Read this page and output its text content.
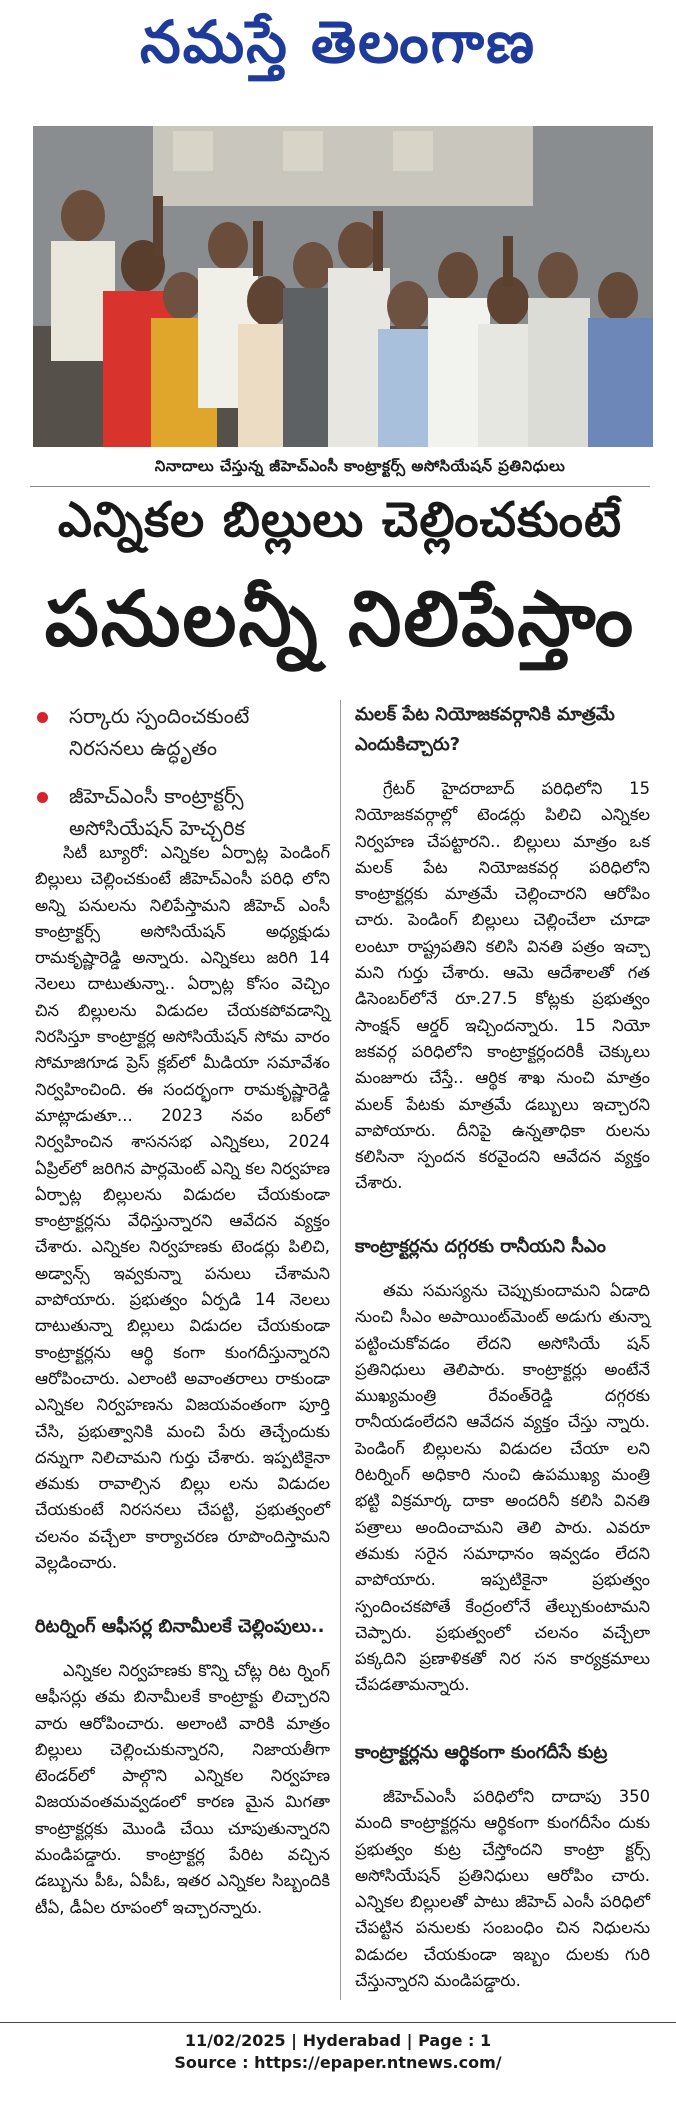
నమస్తే తెలంగాణ
నినాదాలు చేస్తున్న జీహెచ్ఎంసీ కాంట్రాక్టర్స్ అసోసియేషన్ ప్రతినిధులు
ఎన్నికల బిల్లులు చెల్లించకుంటే
పనులన్నీ నిలిపేస్తాం
సర్కారు స్పందించకుంటే నిరసనలు ఉద్ధృతం
జీహెచ్ఎంసీ కాంట్రాక్టర్స్ అసోసియేషన్ హెచ్చరిక

సిటీ బ్యూరో: ఎన్నికల ఏర్పాట్ల పెండింగ్ బిల్లులు చెల్లించకుంటే జీహెచ్ఎంసీ పరిధి లోని అన్ని పనులను నిలిపేస్తామని జీహెచ్ ఎంసీ కాంట్రాక్టర్స్ అసోసియేషన్ అధ్యక్షుడు రామకృష్ణారెడ్డి అన్నారు. ఎన్నికలు జరిగి 14 నెలలు దాటుతున్నా.. ఏర్పాట్ల కోసం వెచ్చిం చిన బిల్లులను విడుదల చేయకపోవడాన్ని నిరసిస్తూ కాంట్రాక్టర్ల అసోసియేషన్ సోమ వారం సోమాజిగూడ ప్రెస్ క్లబ్‌లో మీడియా సమావేశం నిర్వహించింది. ఈ సందర్భంగా రామకృష్ణారెడ్డి మాట్లాడుతూ... 2023 నవం బర్‌లో నిర్వహించిన శాసనసభ ఎన్నికలు, 2024 ఏప్రిల్‌లో జరిగిన పార్లమెంట్ ఎన్ని కల నిర్వహణ ఏర్పాట్ల బిల్లులను విడుదల చేయకుండా కాంట్రాక్టర్లను వేధిస్తున్నారని ఆవేదన వ్యక్తం చేశారు. ఎన్నికల నిర్వహణకు టెండర్లు పిలిచి, అడ్వాన్స్ ఇవ్వకున్నా పనులు చేశామని వాపోయారు. ప్రభుత్వం ఏర్పడి 14 నెలలు దాటుతున్నా బిల్లులు విడుదల చేయకుండా కాంట్రాక్టర్లను ఆర్థి కంగా కుంగదీస్తున్నారని ఆరోపించారు. ఎలాంటి అవాంతరాలు రాకుండా ఎన్నికల నిర్వహణను విజయవంతంగా పూర్తి చేసి, ప్రభుత్వానికి మంచి పేరు తెచ్చేందుకు దన్నుగా నిలిచామని గుర్తు చేశారు. ఇప్పటికైనా తమకు రావాల్సిన బిల్లు లను విడుదల చేయకుంటే నిరసనలు చేపట్టి, ప్రభుత్వంలో చలనం వచ్చేలా కార్యాచరణ రూపొందిస్తామని వెల్లడించారు.

రిటర్నింగ్ ఆఫీసర్ల బినామీలకే చెల్లింపులు..

ఎన్నికల నిర్వహణకు కొన్ని చోట్ల రిట ర్నింగ్ ఆఫీసర్లు తమ బినామీలకే కాంట్రాక్టు లిచ్చారని వారు ఆరోపించారు. అలాంటి వారికి మాత్రం బిల్లులు చెల్లించుకున్నారని, నిజాయతీగా టెండర్‌లో పాల్గొని ఎన్నికల నిర్వహణ విజయవంతమవ్వడంలో కారణ మైన మిగతా కాంట్రాక్టర్లకు మొండి చేయి చూపుతున్నారని మండిపడ్డారు. కాంట్రాక్టర్ల పేరిట వచ్చిన డబ్బును పీఓ, ఏపీఓ, ఇతర ఎన్నికల సిబ్బందికి టీఏ, డీఏల రూపంలో ఇచ్చారన్నారు.

మలక్‌ పేట నియోజకవర్గానికి మాత్రమే ఎందుకిచ్చారు?

గ్రేటర్ హైదరాబాద్ పరిధిలోని 15 నియోజకవర్గాల్లో టెండర్లు పిలిచి ఎన్నికల నిర్వహణ చేపట్టారని.. బిల్లులు మాత్రం ఒక మలక్ పేట నియోజకవర్గ పరిధిలోని కాంట్రాక్టర్లకు మాత్రమే చెల్లించారని ఆరోపిం చారు. పెండింగ్ బిల్లులు చెల్లించేలా చూడా లంటూ రాష్ట్రపతిని కలిసి వినతి పత్రం ఇచ్చా మని గుర్తు చేశారు. ఆమె ఆదేశాలతో గత డిసెంబర్‌లోనే రూ.27.5 కోట్లకు ప్రభుత్వం సాంక్షన్ ఆర్డర్ ఇచ్చిందన్నారు. 15 నియో జకవర్గ పరిధిలోని కాంట్రాక్టర్లందరికీ చెక్కులు మంజూరు చేస్తే.. ఆర్థిక శాఖ నుంచి మాత్రం మలక్ పేటకు మాత్రమే డబ్బులు ఇచ్చారని వాపోయారు. దీనిపై ఉన్నతాధికా రులను కలిసినా స్పందన కరవైందని ఆవేదన వ్యక్తం చేశారు.

కాంట్రాక్టర్లను దగ్గరకు రానీయని సీఎం

తమ సమస్యను చెప్పుకుందామని ఏడాది నుంచి సీఎం అపాయింట్‌మెంట్ అడుగు తున్నా పట్టించుకోవడం లేదని అసోసియే షన్ ప్రతినిధులు తెలిపారు. కాంట్రాక్టర్లు అంటేనే ముఖ్యమంత్రి రేవంత్‌రెడ్డి దగ్గరకు రానీయడంలేదని ఆవేదన వ్యక్తం చేస్తు న్నారు. పెండింగ్ బిల్లులను విడుదల చేయా లని రిటర్నింగ్ అధికారి నుంచి ఉపముఖ్య మంత్రి భట్టి విక్రమార్క దాకా అందరినీ కలిసి వినతి పత్రాలు అందించామని తెలి పారు. ఎవరూ తమకు సరైన సమాధానం ఇవ్వడం లేదని వాపోయారు. ఇప్పటికైనా ప్రభుత్వం స్పందించకపోతే కేంద్రంలోనే తేల్చుకుంటామని చెప్పారు. ప్రభుత్వంలో చలనం వచ్చేలా పక్కదిని ప్రణాళికతో నిర సన కార్యక్రమాలు చేపడతామన్నారు.

కాంట్రాక్టర్లను ఆర్థికంగా కుంగదీసే కుట్ర

జీహెచ్ఎంసీ పరిధిలోని దాదాపు 350 మంది కాంట్రాక్టర్లను ఆర్థికంగా కుంగదీసేం దుకు ప్రభుత్వం కుట్ర చేస్తోందని కాంట్రా క్టర్స్ అసోసియేషన్ ప్రతినిధులు ఆరోపిం చారు. ఎన్నికల బిల్లులతో పాటు జీహెచ్ ఎంసీ పరిధిలో చేపట్టిన పనులకు సంబంధిం చిన నిధులను విడుదల చేయకుండా ఇబ్బం దులకు గురి చేస్తున్నారని మండిపడ్డారు.

11/02/2025 | Hyderabad | Page : 1
Source : https://epaper.ntnews.com/
